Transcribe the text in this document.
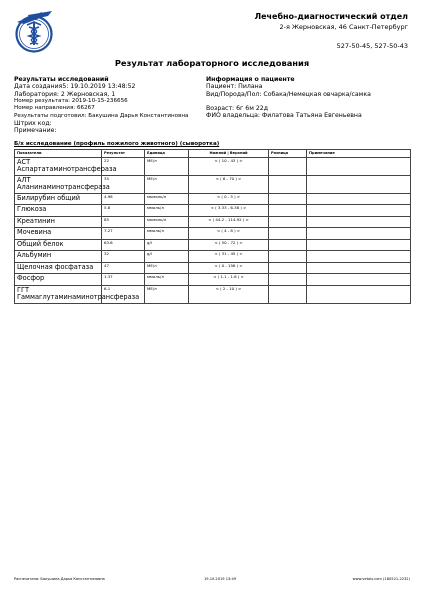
Лечебно-диагностический отдел
2-я Жерновская, 46 Санкт-Петербург
527-50-45, 527-50-43
Результат лабораторного исследования
Результаты исследований
Дата создания5: 19.10.2019 13:48:52
Лаборатория: 2 Жерновская, 1
Номер результата: 2019-10-15-236656
Номер направления: 66267
Результаты подготовил: Бакушина Дарья Константиновна
Штрих код:
Примечание:
Информация о пациенте
Пациент: Пилана
Вид/Порода/Пол: Собака/Немецкая овчарка/самка
Возраст: 6г 6м 22д
ФИО владельца: Филатова Татьяна Евгеньевна
Б/х исследование (профиль пожилого животного) (сыворотка)
Показатели	Результат	Единица	Нижний | Верхний	Разница	Примечание
АСТ Аспартатаминотрансфераза	22	МЕ/л	< ( 10 - 43 ) >		
АЛТ Аланинаминотрансфераза	35	МЕ/л	< ( 6 - 70 ) >		
Билирубин общий	4.98	мкмоль/л	< ( 0 - 5 ) >		
Глюкоза	5.8	ммоль/л	< ( 3.33 - 6.38 ) >		
Креатинин	85	мкмоль/л	< ( 44.2 - 114.92 ) >		
Мочевина	7.27	ммоль/л	< ( 4 - 8 ) >		
Общий белок	63.6	g/l	< ( 50 - 72 ) >		
Альбумин	32	g/l	< ( 31 - 45 ) >		
Щелочная фосфатаза	47	МЕ/л	< ( 0 - 156 ) >		
Фосфор	1.37	ммоль/л	< ( 1.1 - 1.8 ) >		
ГГТ Гаммаглутаминаминотрансфераза	6.1	МЕ/л	< ( 2 - 10 ) >		
Распечатала: Бакушина Дарья Константиновна	19.10.2019 13:49	www.vetais.com (180521-2232)
